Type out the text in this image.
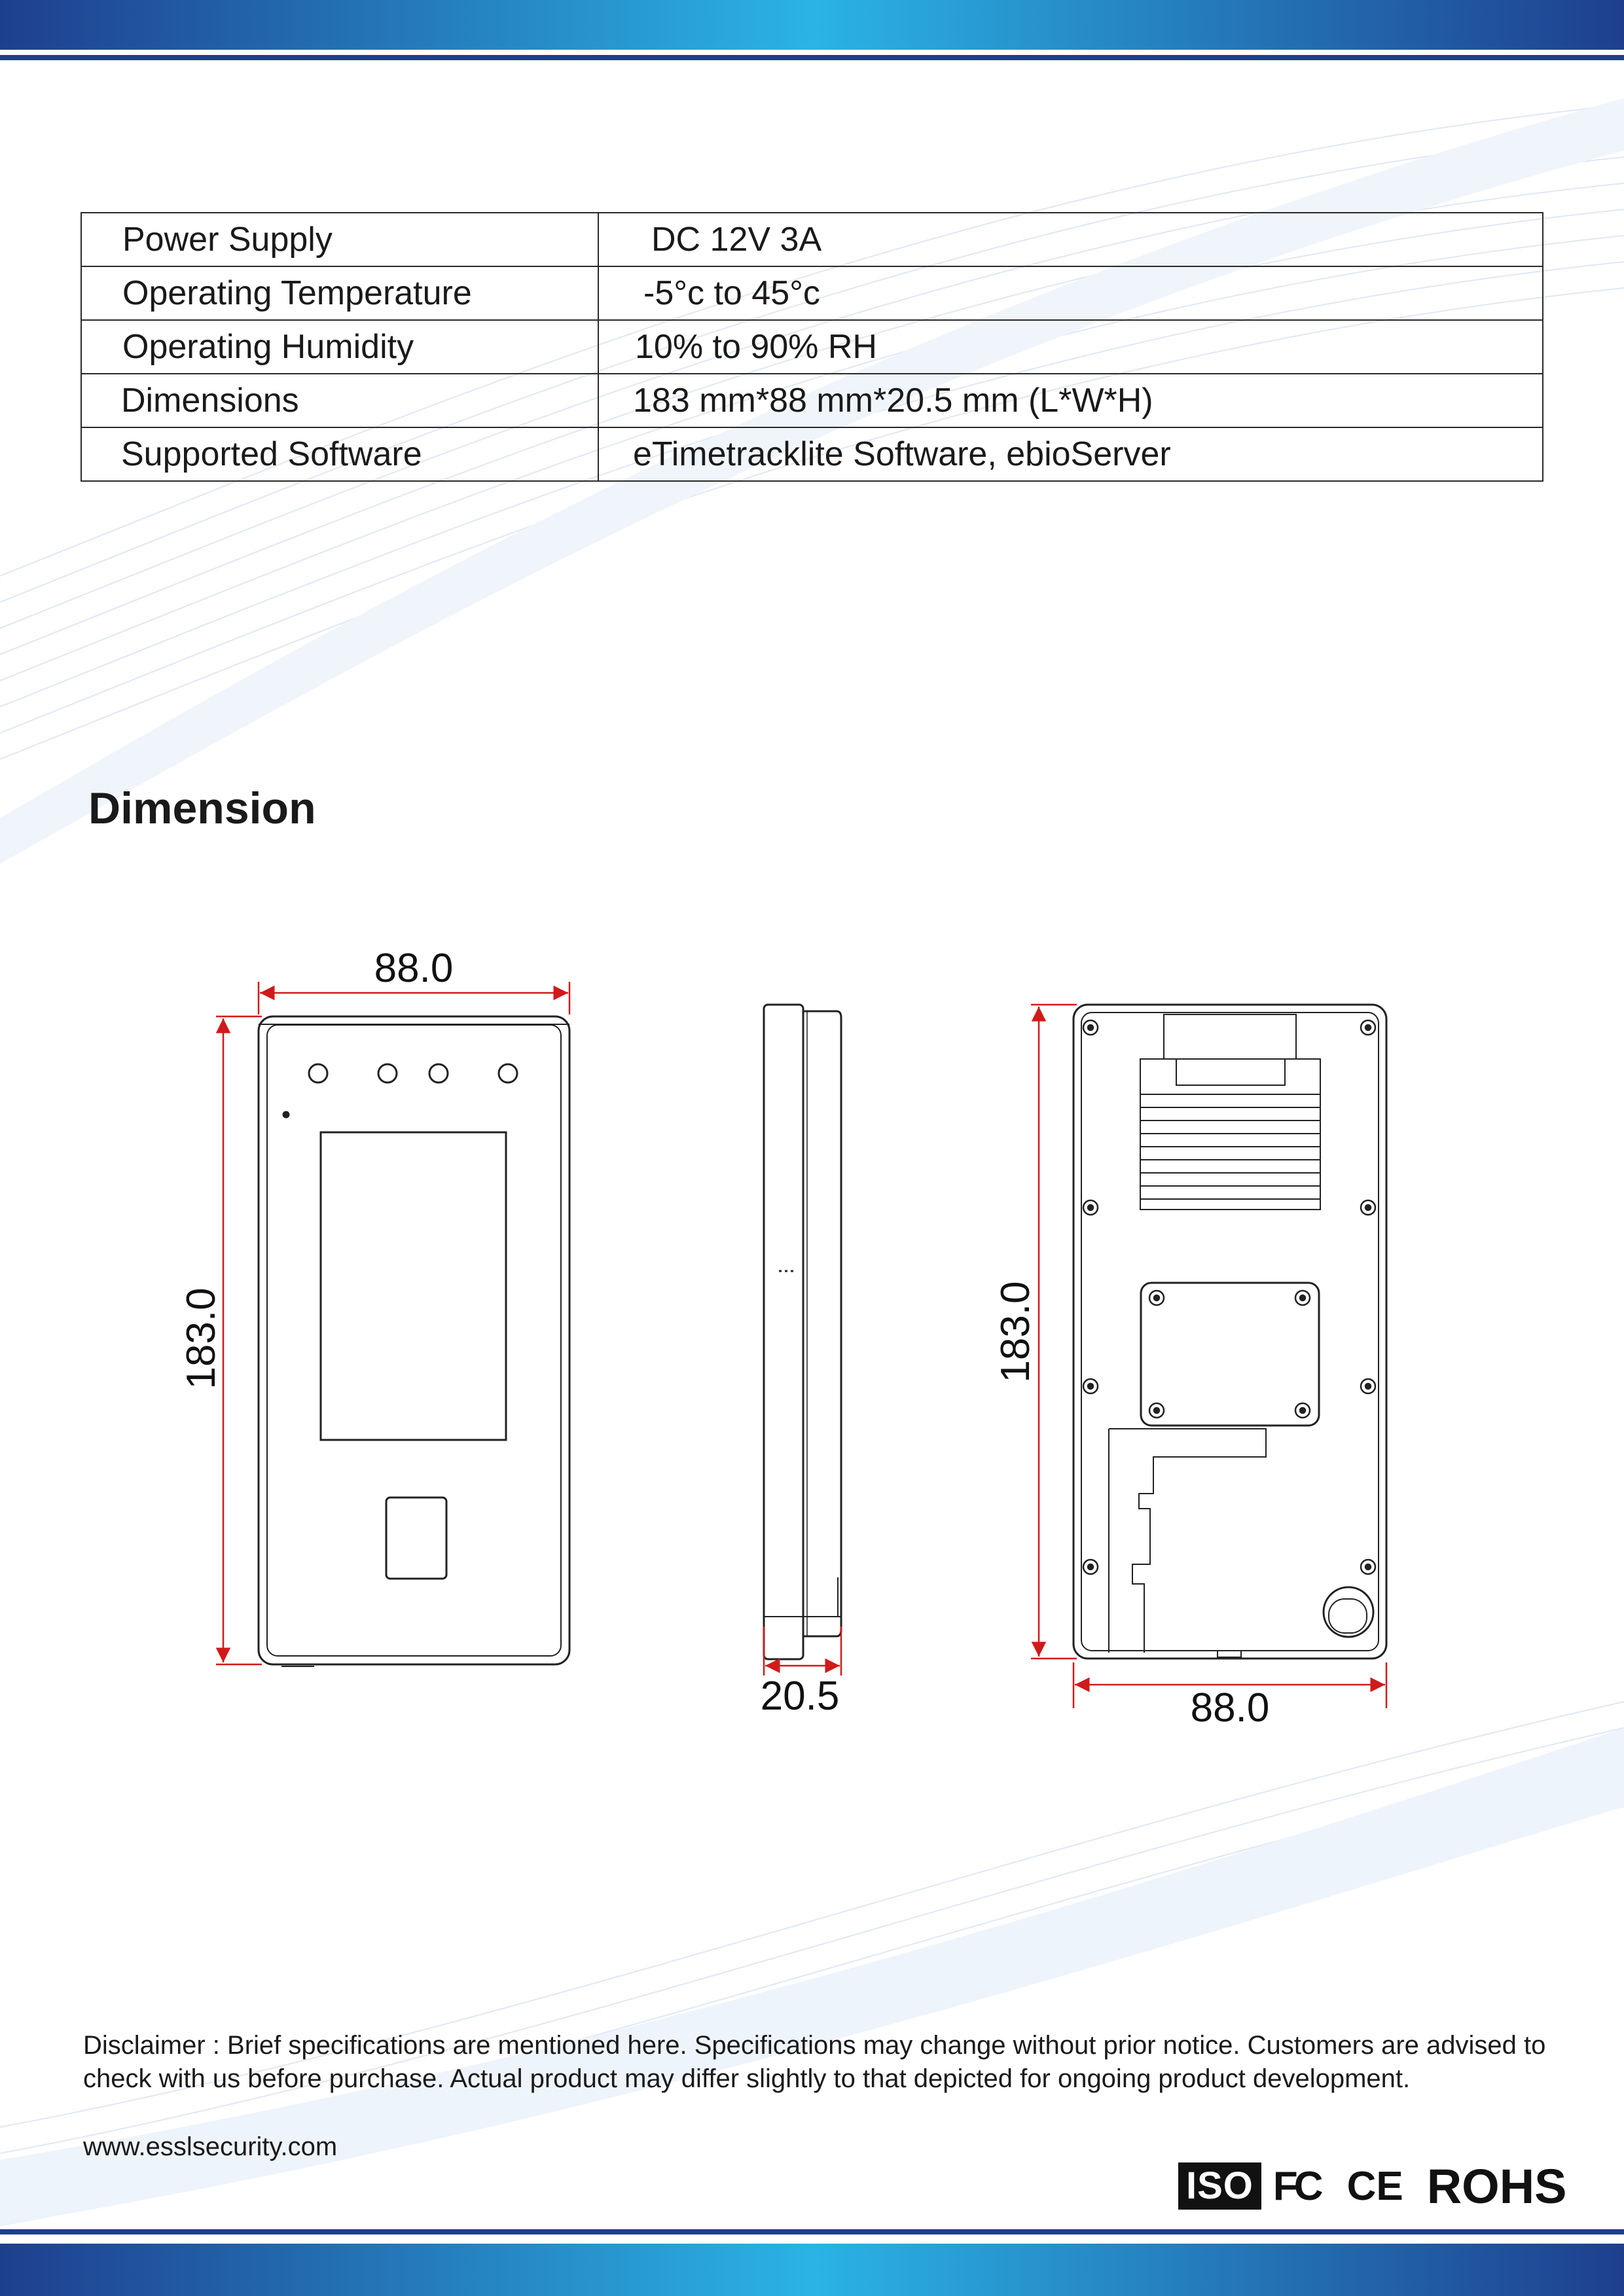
Power Supply	DC 12V 3A
Operating Temperature	-5°c to 45°c
Operating Humidity	10% to 90% RH
Dimensions	183 mm*88 mm*20.5 mm (L*W*H)
Supported Software	eTimetracklite Software, ebioServer
Dimension
88.0
183.0
20.5
183.0
88.0

Disclaimer : Brief specifications are mentioned here. Specifications may change without prior notice. Customers are advised to check with us before purchase. Actual product may differ slightly to that depicted for ongoing product development.

www.esslsecurity.com

ISO FC CE ROHS
